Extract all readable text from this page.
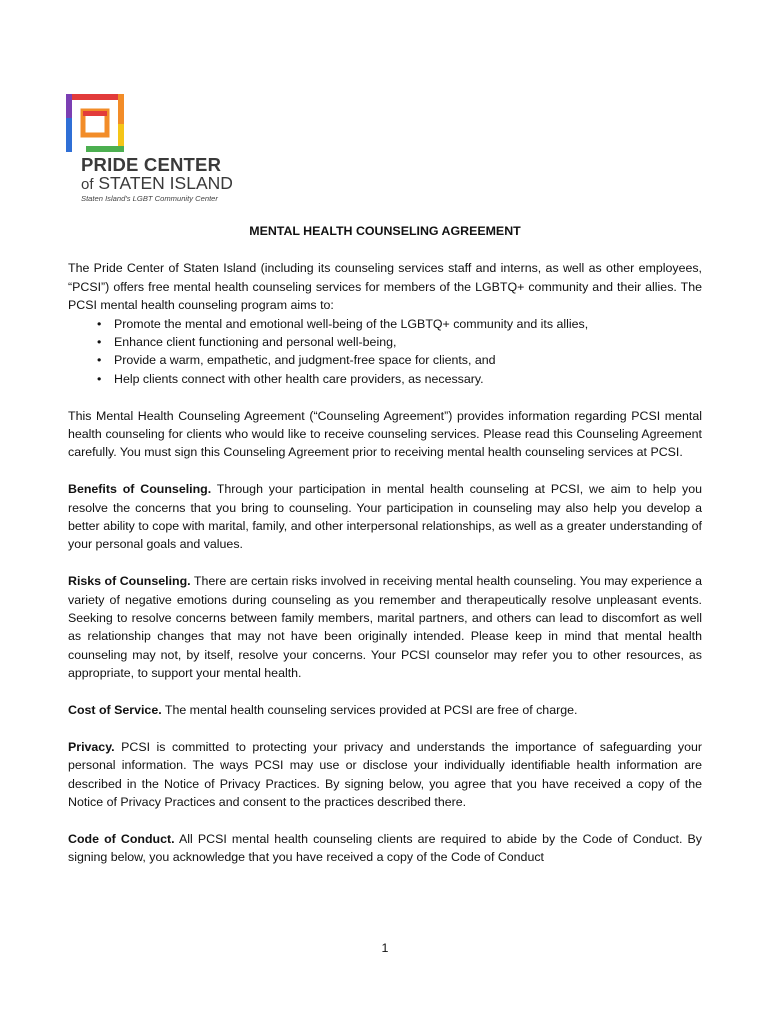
PRIDE CENTER
of STATEN ISLAND
Staten Island's LGBT Community Center
MENTAL HEALTH COUNSELING AGREEMENT

The Pride Center of Staten Island (including its counseling services staff and interns, as well as other employees, “PCSI”) offers free mental health counseling services for members of the LGBTQ+ community and their allies. The PCSI mental health counseling program aims to:

• Promote the mental and emotional well-being of the LGBTQ+ community and its allies,
• Enhance client functioning and personal well-being,
• Provide a warm, empathetic, and judgment-free space for clients, and
• Help clients connect with other health care providers, as necessary.

This Mental Health Counseling Agreement (“Counseling Agreement”) provides information regarding PCSI mental health counseling for clients who would like to receive counseling services. Please read this Counseling Agreement carefully. You must sign this Counseling Agreement prior to receiving mental health counseling services at PCSI.

Benefits of Counseling. Through your participation in mental health counseling at PCSI, we aim to help you resolve the concerns that you bring to counseling. Your participation in counseling may also help you develop a better ability to cope with marital, family, and other interpersonal relationships, as well as a greater understanding of your personal goals and values.

Risks of Counseling. There are certain risks involved in receiving mental health counseling. You may experience a variety of negative emotions during counseling as you remember and therapeutically resolve unpleasant events. Seeking to resolve concerns between family members, marital partners, and others can lead to discomfort as well as relationship changes that may not have been originally intended. Please keep in mind that mental health counseling may not, by itself, resolve your concerns. Your PCSI counselor may refer you to other resources, as appropriate, to support your mental health.

Cost of Service. The mental health counseling services provided at PCSI are free of charge.

Privacy. PCSI is committed to protecting your privacy and understands the importance of safeguarding your personal information. The ways PCSI may use or disclose your individually identifiable health information are described in the Notice of Privacy Practices. By signing below, you agree that you have received a copy of the Notice of Privacy Practices and consent to the practices described there.

Code of Conduct. All PCSI mental health counseling clients are required to abide by the Code of Conduct. By signing below, you acknowledge that you have received a copy of the Code of Conduct

1
